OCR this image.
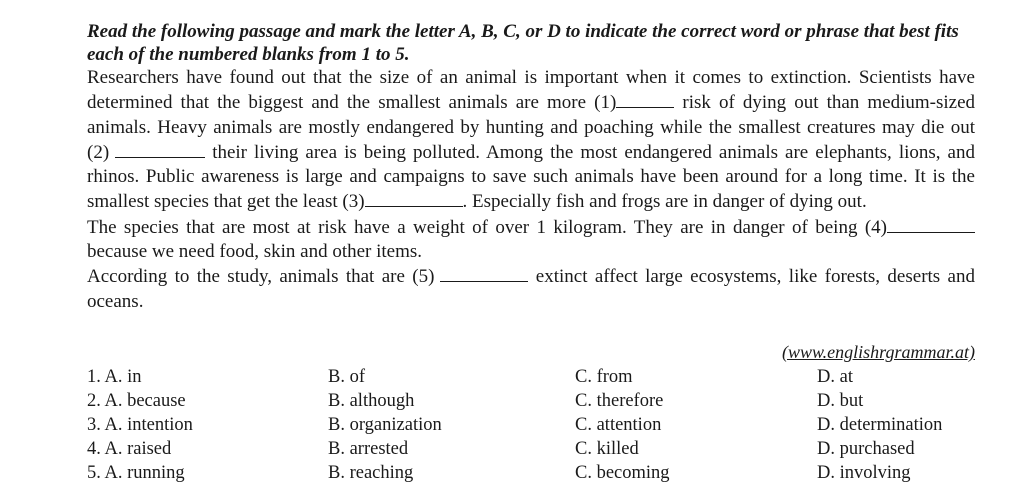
Read the following passage and mark the letter A, B, C, or D to indicate the correct word or phrase that best fits each of the numbered blanks from 1 to 5.

Researchers have found out that the size of an animal is important when it comes to extinction. Scientists have determined that the biggest and the smallest animals are more (1)	risk of dying out than medium-sized animals. Heavy animals are mostly endangered by hunting and poaching while the smallest creatures may die out (2)	their living area is being polluted. Among the most endangered animals are elephants, lions, and rhinos. Public awareness is large and campaigns to save such animals have been around for a long time. It is the smallest species that get the least (3)	. Especially fish and frogs are in danger of dying out.

The species that are most at risk have a weight of over 1 kilogram. They are in danger of being (4) because we need food, skin and other items.

According to the study, animals that are (5)	extinct affect large ecosystems, like forests, deserts and oceans.

(www.englishrgrammar.at)
1. A. in	B. of	C. from	D. at
2. A. because	B. although	C. therefore	D. but
3. A. intention	B. organization	C. attention	D. determination
4. A. raised	B. arrested	C. killed	D. purchased
5. A. running	B. reaching	C. becoming	D. involving
